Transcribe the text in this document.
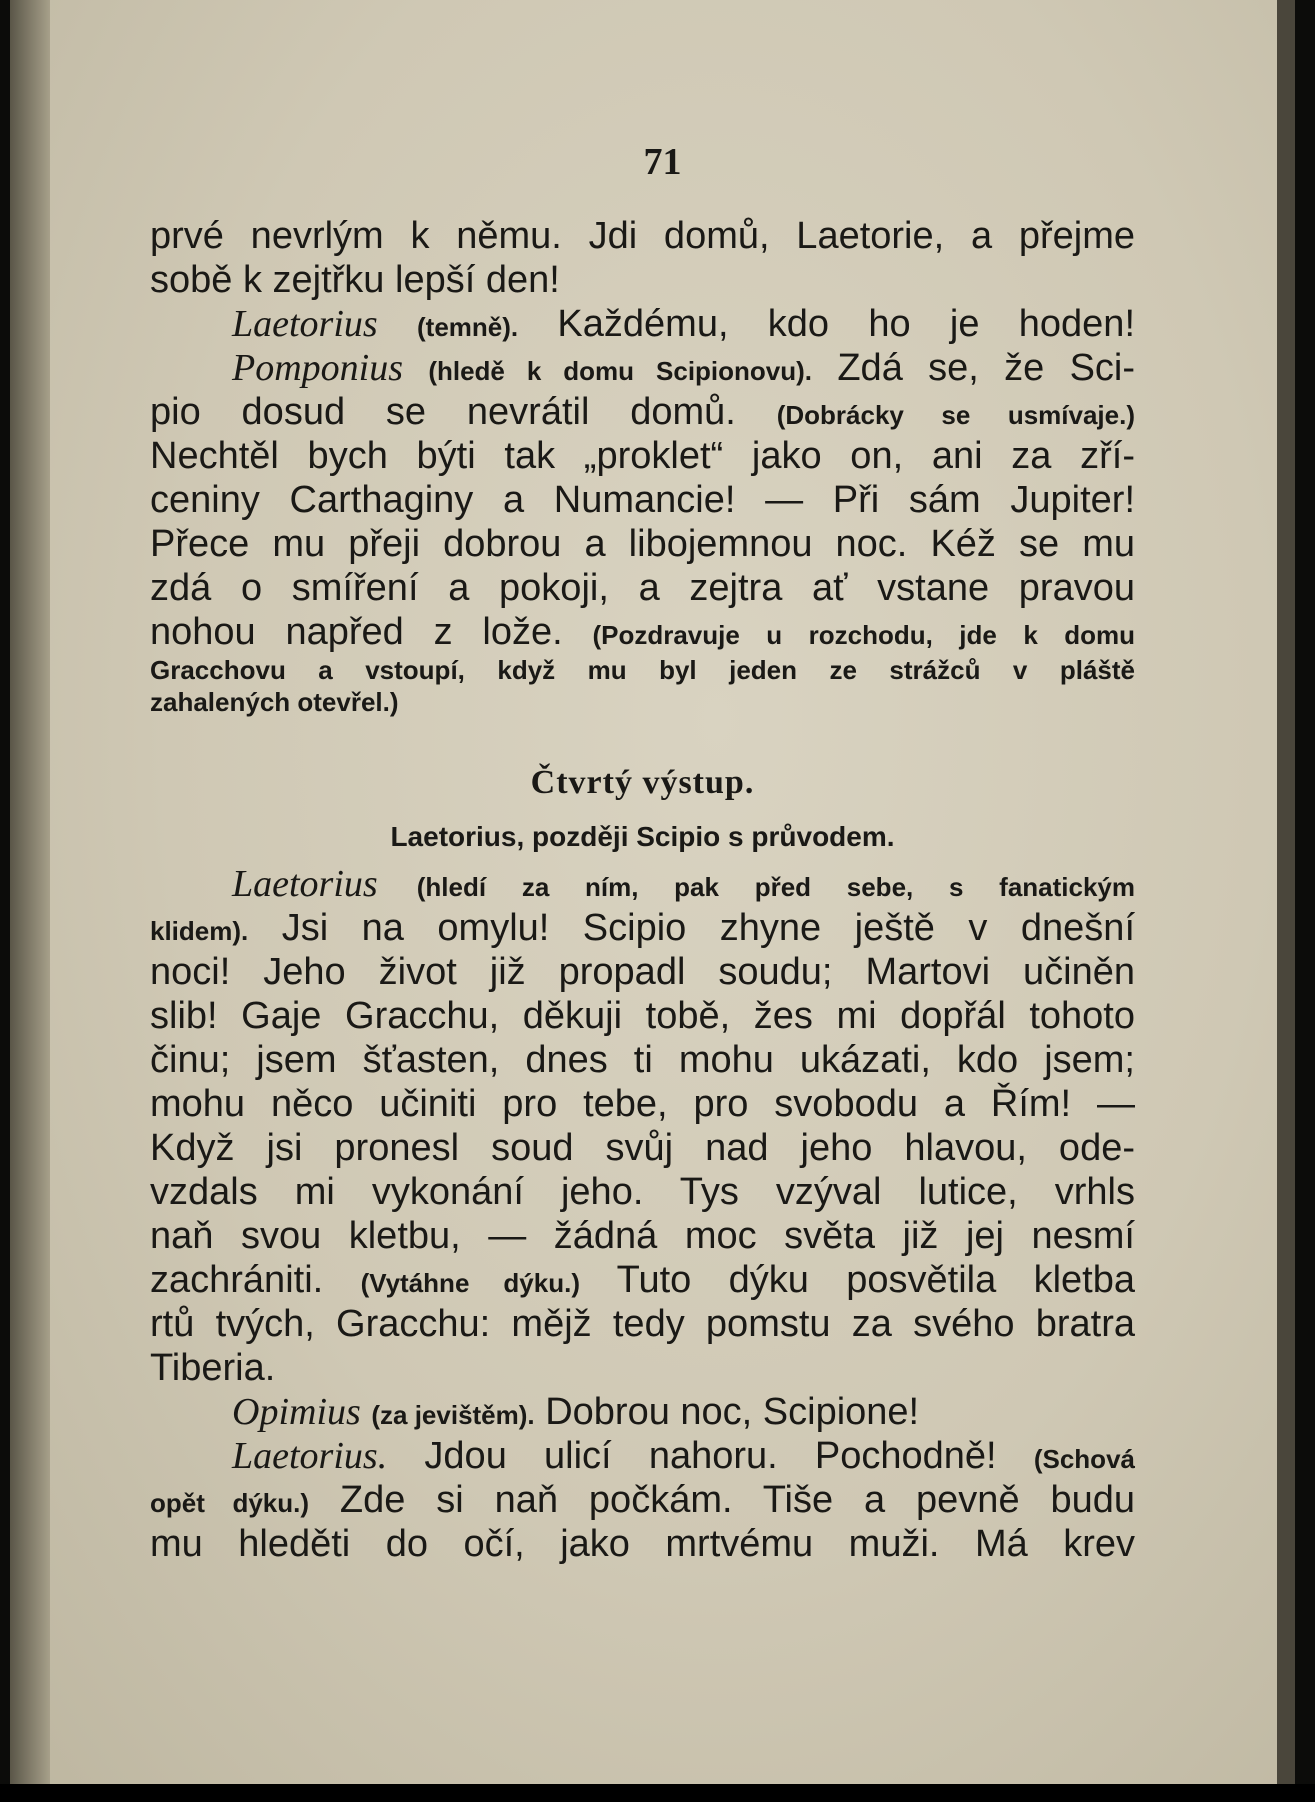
71
prvé nevrlým k němu. Jdi domů, Laetorie, a přejme
sobě k zejtřku lepší den!
Laetorius (temně). Každému, kdo ho je hoden!
Pomponius (hledě k domu Scipionovu). Zdá se, že Sci-
pio dosud se nevrátil domů. (Dobrácky se usmívaje.)
Nechtěl bych býti tak „proklet“ jako on, ani za zří-
ceniny Carthaginy a Numancie! — Při sám Jupiter!
Přece mu přeji dobrou a libojemnou noc. Kéž se mu
zdá o smíření a pokoji, a zejtra ať vstane pravou
nohou napřed z lože. (Pozdravuje u rozchodu, jde k domu
Gracchovu a vstoupí, když mu byl jeden ze strážců v pláště
zahalených otevřel.)
Čtvrtý výstup.
Laetorius, později Scipio s průvodem.
Laetorius (hledí za ním, pak před sebe, s fanatickým
klidem). Jsi na omylu! Scipio zhyne ještě v dnešní
noci! Jeho život již propadl soudu; Martovi učiněn
slib! Gaje Gracchu, děkuji tobě, žes mi dopřál tohoto
činu; jsem šťasten, dnes ti mohu ukázati, kdo jsem;
mohu něco učiniti pro tebe, pro svobodu a Řím! —
Když jsi pronesl soud svůj nad jeho hlavou, ode-
vzdals mi vykonání jeho. Tys vzýval lutice, vrhls
naň svou kletbu, — žádná moc světa již jej nesmí
zachrániti. (Vytáhne dýku.) Tuto dýku posvětila kletba
rtů tvých, Gracchu: mějž tedy pomstu za svého bratra
Tiberia.
Opimius (za jevištěm). Dobrou noc, Scipione!
Laetorius. Jdou ulicí nahoru. Pochodně! (Schová
opět dýku.) Zde si naň počkám. Tiše a pevně budu
mu hleděti do očí, jako mrtvému muži. Má krev
